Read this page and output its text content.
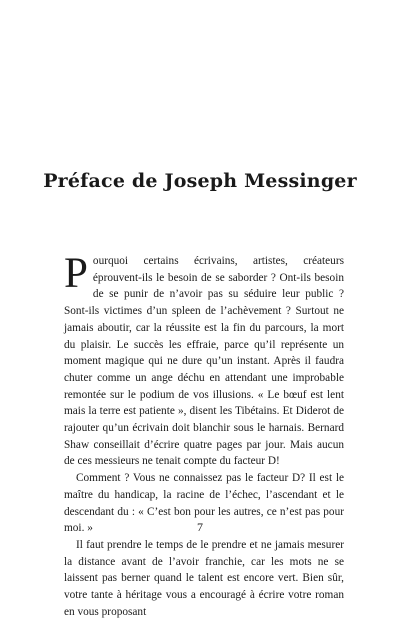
Préface de Joseph Messinger

Pourquoi certains écrivains, artistes, créateurs éprouvent-ils le besoin de se saborder ? Ont-ils besoin de se punir de n’avoir pas su séduire leur public ? Sont-ils victimes d’un spleen de l’achèvement ? Surtout ne jamais aboutir, car la réussite est la fin du parcours, la mort du plaisir. Le succès les effraie, parce qu’il représente un moment magique qui ne dure qu’un instant. Après il faudra chuter comme un ange déchu en attendant une improbable remontée sur le podium de vos illusions. « Le bœuf est lent mais la terre est patiente », disent les Tibétains. Et Diderot de rajouter qu’un écrivain doit blanchir sous le harnais. Bernard Shaw conseillait d’écrire quatre pages par jour. Mais aucun de ces messieurs ne tenait compte du facteur D!

Comment ? Vous ne connaissez pas le facteur D? Il est le maître du handicap, la racine de l’échec, l’ascendant et le descendant du : « C’est bon pour les autres, ce n’est pas pour moi. »

Il faut prendre le temps de le prendre et ne jamais mesurer la distance avant de l’avoir franchie, car les mots ne se laissent pas berner quand le talent est encore vert. Bien sûr, votre tante à héritage vous a encouragé à écrire votre roman en vous proposant

7
